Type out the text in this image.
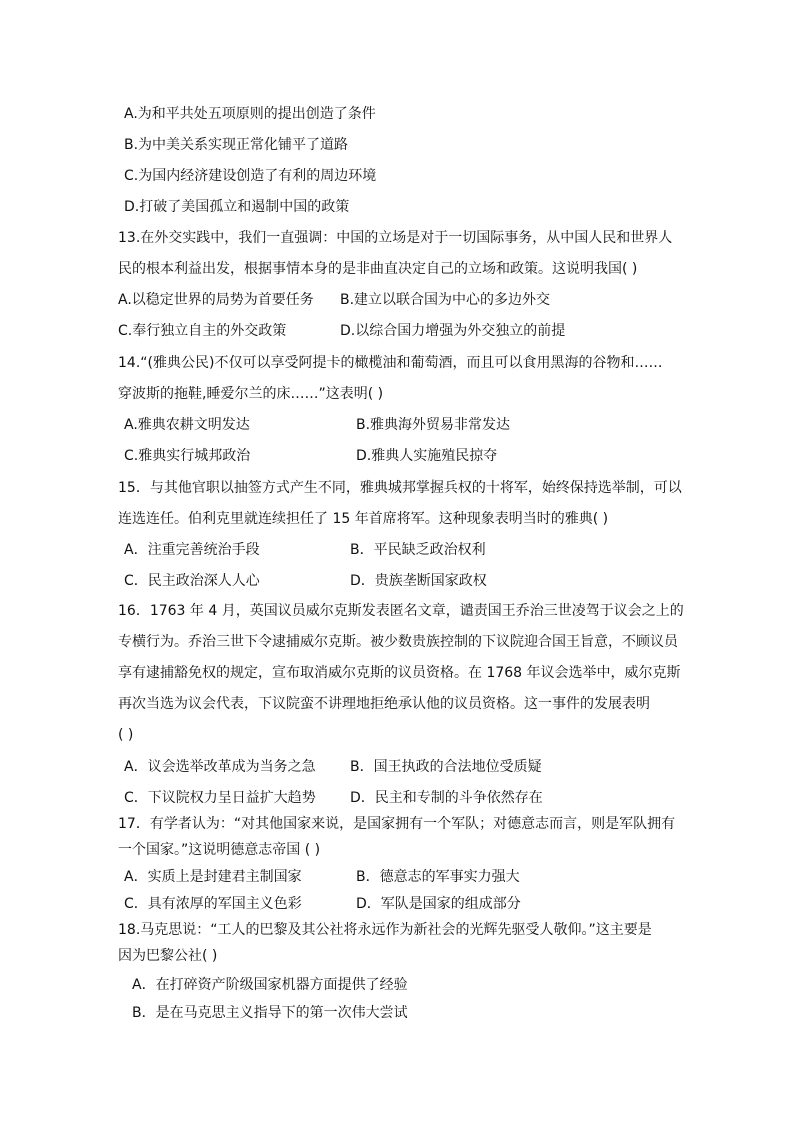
A.为和平共处五项原则的提出创造了条件
B.为中美关系实现正常化铺平了道路
C.为国内经济建设创造了有利的周边环境
D.打破了美国孤立和遏制中国的政策
13.在外交实践中，我们一直强调：中国的立场是对于一切国际事务，从中国人民和世界人
民的根本利益出发，根据事情本身的是非曲直决定自己的立场和政策。这说明我国( )
A.以稳定世界的局势为首要任务 B.建立以联合国为中心的多边外交
C.奉行独立自主的外交政策	D.以综合国力增强为外交独立的前提
14.“(雅典公民)不仅可以享受阿提卡的橄榄油和葡萄酒，而且可以食用黑海的谷物和……
穿波斯的拖鞋,睡爱尔兰的床……”这表明( )
A.雅典农耕文明发达	B.雅典海外贸易非常发达
C.雅典实行城邦政治	D.雅典人实施殖民掠夺
15．与其他官职以抽签方式产生不同，雅典城邦掌握兵权的十将军，始终保持选举制，可以
连选连任。伯利克里就连续担任了 15 年首席将军。这种现象表明当时的雅典( )
A．注重完善统治手段	B．平民缺乏政治权利
C．民主政治深人人心	D．贵族垄断国家政权
16．1763 年 4 月，英国议员威尔克斯发表匿名文章，谴责国王乔治三世凌驾于议会之上的
专横行为。乔治三世下令逮捕威尔克斯。被少数贵族控制的下议院迎合国王旨意，不顾议员
享有逮捕豁免权的规定，宣布取消威尔克斯的议员资格。在 1768 年议会选举中，威尔克斯
再次当选为议会代表，下议院蛮不讲理地拒绝承认他的议员资格。这一事件的发展表明
( )
A．议会选举改革成为当务之急 B．国王执政的合法地位受质疑
C．下议院权力呈日益扩大趋势 D．民主和专制的斗争依然存在
17．有学者认为：“对其他国家来说，是国家拥有一个军队；对德意志而言，则是军队拥有
一个国家。”这说明德意志帝国 ( )
A．实质上是封建君主制国家	B．德意志的军事实力强大
C．具有浓厚的军国主义色彩	D．军队是国家的组成部分
18.马克思说：“工人的巴黎及其公社将永远作为新社会的光辉先驱受人敬仰。”这主要是
因为巴黎公社( )
A．在打碎资产阶级国家机器方面提供了经验
B．是在马克思主义指导下的第一次伟大尝试
